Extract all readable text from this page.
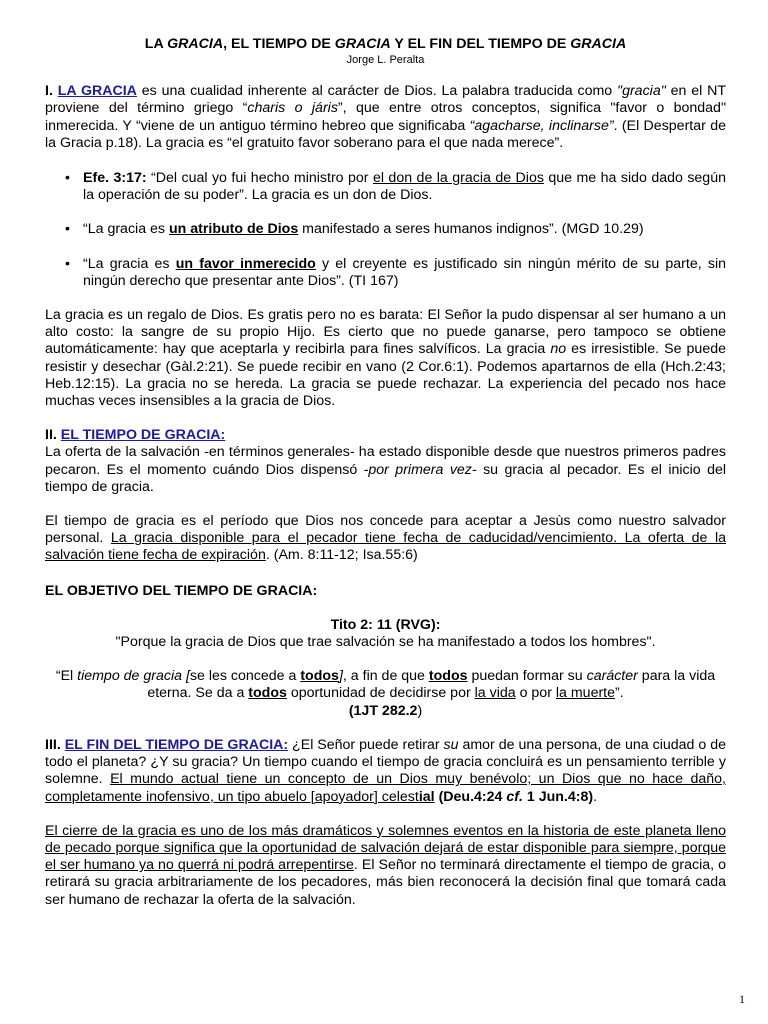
LA GRACIA, EL TIEMPO DE GRACIA Y EL FIN DEL TIEMPO DE GRACIA
Jorge L. Peralta

I. LA GRACIA es una cualidad inherente al carácter de Dios. La palabra traducida como "gracia" en el NT proviene del término griego “charis o járis”, que entre otros conceptos, significa "favor o bondad" inmerecida. Y “viene de un antiguo término hebreo que significaba “agacharse, inclinarse”. (El Despertar de la Gracia p.18). La gracia es “el gratuito favor soberano para el que nada merece”.

• Efe. 3:17: “Del cual yo fui hecho ministro por el don de la gracia de Dios que me ha sido dado según la operación de su poder”. La gracia es un don de Dios.
• “La gracia es un atributo de Dios manifestado a seres humanos indignos”. (MGD 10.29)
• “La gracia es un favor inmerecido y el creyente es justificado sin ningún mérito de su parte, sin ningún derecho que presentar ante Dios”. (TI 167)

La gracia es un regalo de Dios. Es gratis pero no es barata: El Señor la pudo dispensar al ser humano a un alto costo: la sangre de su propio Hijo. Es cierto que no puede ganarse, pero tampoco se obtiene automáticamente: hay que aceptarla y recibirla para fines salvíficos. La gracia no es irresistible. Se puede resistir y desechar (Gàl.2:21). Se puede recibir en vano (2 Cor.6:1). Podemos apartarnos de ella (Hch.2:43; Heb.12:15). La gracia no se hereda. La gracia se puede rechazar. La experiencia del pecado nos hace muchas veces insensibles a la gracia de Dios.

II. EL TIEMPO DE GRACIA:
La oferta de la salvación -en términos generales- ha estado disponible desde que nuestros primeros padres pecaron. Es el momento cuándo Dios dispensó -por primera vez- su gracia al pecador. Es el inicio del tiempo de gracia.

El tiempo de gracia es el período que Dios nos concede para aceptar a Jesùs como nuestro salvador personal. La gracia disponible para el pecador tiene fecha de caducidad/vencimiento. La oferta de la salvación tiene fecha de expiración. (Am. 8:11-12; Isa.55:6)

EL OBJETIVO DEL TIEMPO DE GRACIA:

Tito 2: 11 (RVG):
"Porque la gracia de Dios que trae salvación se ha manifestado a todos los hombres".
“El tiempo de gracia [se les concede a todos], a fin de que todos puedan formar su carácter para la vida eterna. Se da a todos oportunidad de decidirse por la vida o por la muerte”.
(1JT 282.2)

III. EL FIN DEL TIEMPO DE GRACIA: ¿El Señor puede retirar su amor de una persona, de una ciudad o de todo el planeta? ¿Y su gracia? Un tiempo cuando el tiempo de gracia concluirá es un pensamiento terrible y solemne. El mundo actual tiene un concepto de un Dios muy benévolo; un Dios que no hace daño, completamente inofensivo, un tipo abuelo [apoyador] celestial (Deu.4:24 cf. 1 Jun.4:8).

El cierre de la gracia es uno de los más dramáticos y solemnes eventos en la historia de este planeta lleno de pecado porque significa que la oportunidad de salvación dejará de estar disponible para siempre, porque el ser humano ya no querrá ni podrá arrepentirse. El Señor no terminará directamente el tiempo de gracia, o retirará su gracia arbitrariamente de los pecadores, más bien reconocerá la decisión final que tomará cada ser humano de rechazar la oferta de la salvación.

1
